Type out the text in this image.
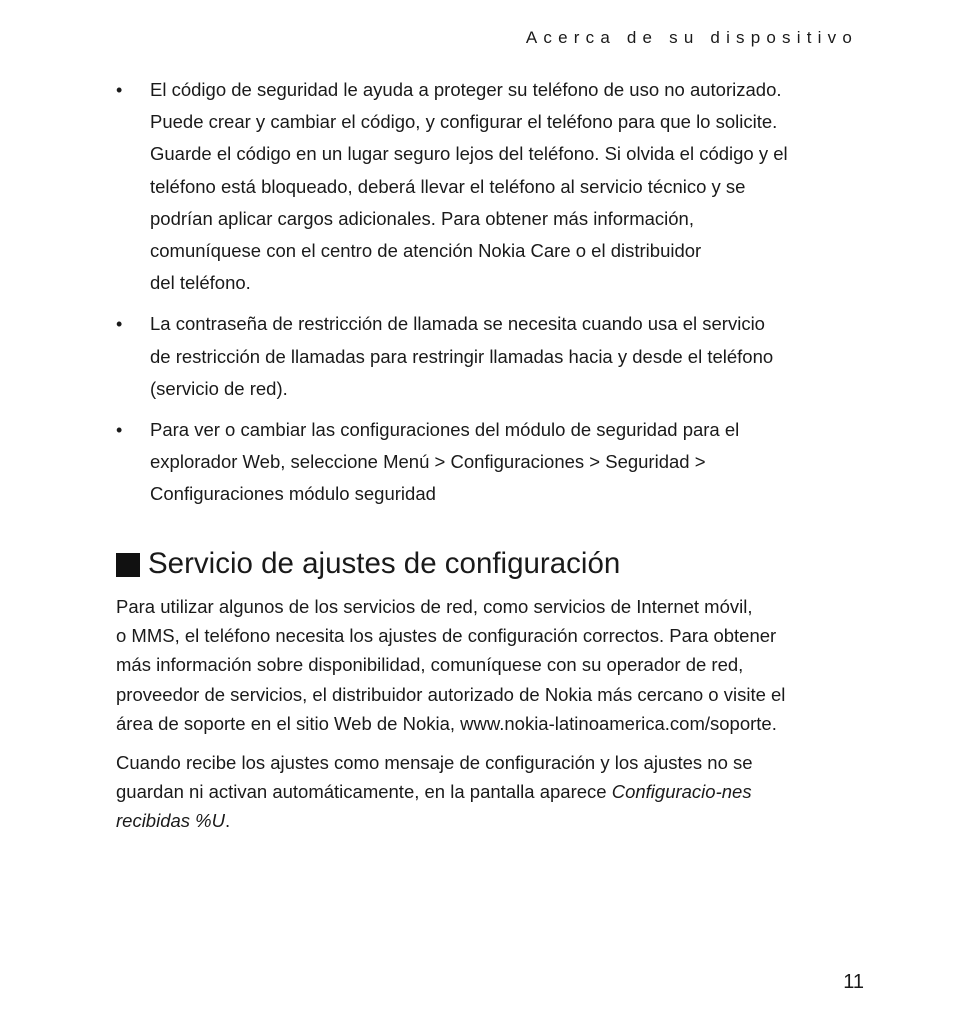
Acerca de su dispositivo
• El código de seguridad le ayuda a proteger su teléfono de uso no autorizado.
Puede crear y cambiar el código, y configurar el teléfono para que lo solicite.
Guarde el código en un lugar seguro lejos del teléfono. Si olvida el código y el
teléfono está bloqueado, deberá llevar el teléfono al servicio técnico y se
podrían aplicar cargos adicionales. Para obtener más información,
comuníquese con el centro de atención Nokia Care o el distribuidor
del teléfono.
• La contraseña de restricción de llamada se necesita cuando usa el servicio
de restricción de llamadas para restringir llamadas hacia y desde el teléfono
(servicio de red).
• Para ver o cambiar las configuraciones del módulo de seguridad para el
explorador Web, seleccione Menú > Configuraciones > Seguridad >
Configuraciones módulo seguridad
Servicio de ajustes de configuración

Para utilizar algunos de los servicios de red, como servicios de Internet móvil,

o MMS, el teléfono necesita los ajustes de configuración correctos. Para obtener

más información sobre disponibilidad, comuníquese con su operador de red,

proveedor de servicios, el distribuidor autorizado de Nokia más cercano o visite el

área de soporte en el sitio Web de Nokia, www.nokia-latinoamerica.com/soporte.

Cuando recibe los ajustes como mensaje de configuración y los ajustes no se

guardan ni activan automáticamente, en la pantalla aparece Configuracio-nes

recibidas %U.

11
